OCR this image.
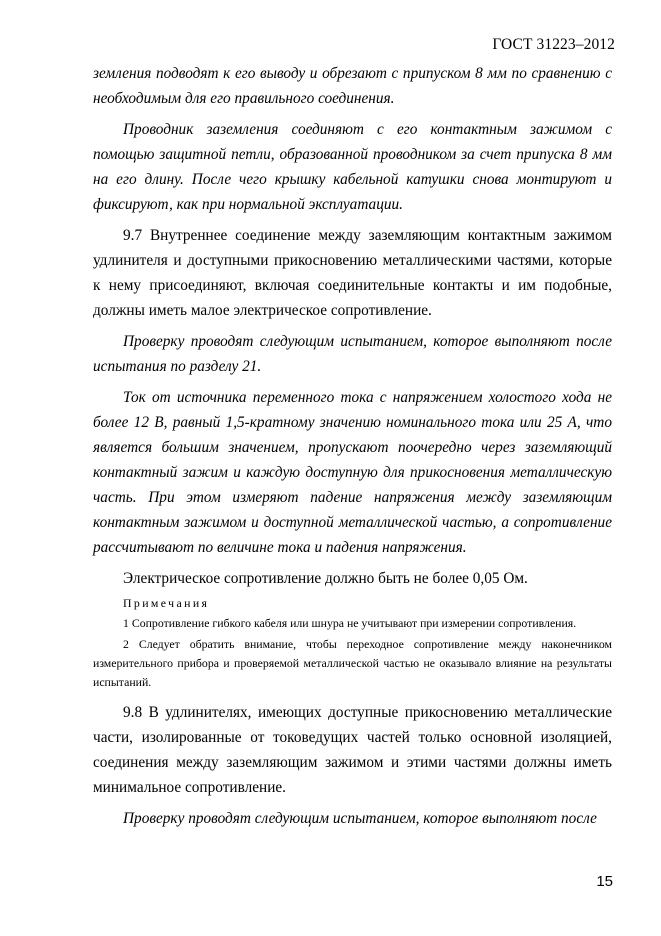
ГОСТ 31223–2012

земления подводят к его выводу и обрезают с припуском 8 мм по сравнению с необходимым для его правильного соединения.

Проводник заземления соединяют с его контактным зажимом с помощью защитной петли, образованной проводником за счет припуска 8 мм на его длину. После чего крышку кабельной катушки снова монтируют и фиксируют, как при нормальной эксплуатации.

9.7 Внутреннее соединение между заземляющим контактным зажимом удлинителя и доступными прикосновению металлическими частями, которые к нему присоединяют, включая соединительные контакты и им подобные, должны иметь малое электрическое сопротивление.

Проверку проводят следующим испытанием, которое выполняют после испытания по разделу 21.

Ток от источника переменного тока с напряжением холостого хода не более 12 В, равный 1,5-кратному значению номинального тока или 25 А, что является большим значением, пропускают поочередно через заземляющий контактный зажим и каждую доступную для прикосновения металлическую часть. При этом измеряют падение напряжения между заземляющим контактным зажимом и доступной металлической частью, а сопротивление рассчитывают по величине тока и падения напряжения.

Электрическое сопротивление должно быть не более 0,05 Ом.

Примечания

1 Сопротивление гибкого кабеля или шнура не учитывают при измерении сопротивления.

2 Следует обратить внимание, чтобы переходное сопротивление между наконечником измерительного прибора и проверяемой металлической частью не оказывало влияние на результаты испытаний.

9.8 В удлинителях, имеющих доступные прикосновению металлические части, изолированные от токоведущих частей только основной изоляцией, соединения между заземляющим зажимом и этими частями должны иметь минимальное сопротивление.

Проверку проводят следующим испытанием, которое выполняют после

15
